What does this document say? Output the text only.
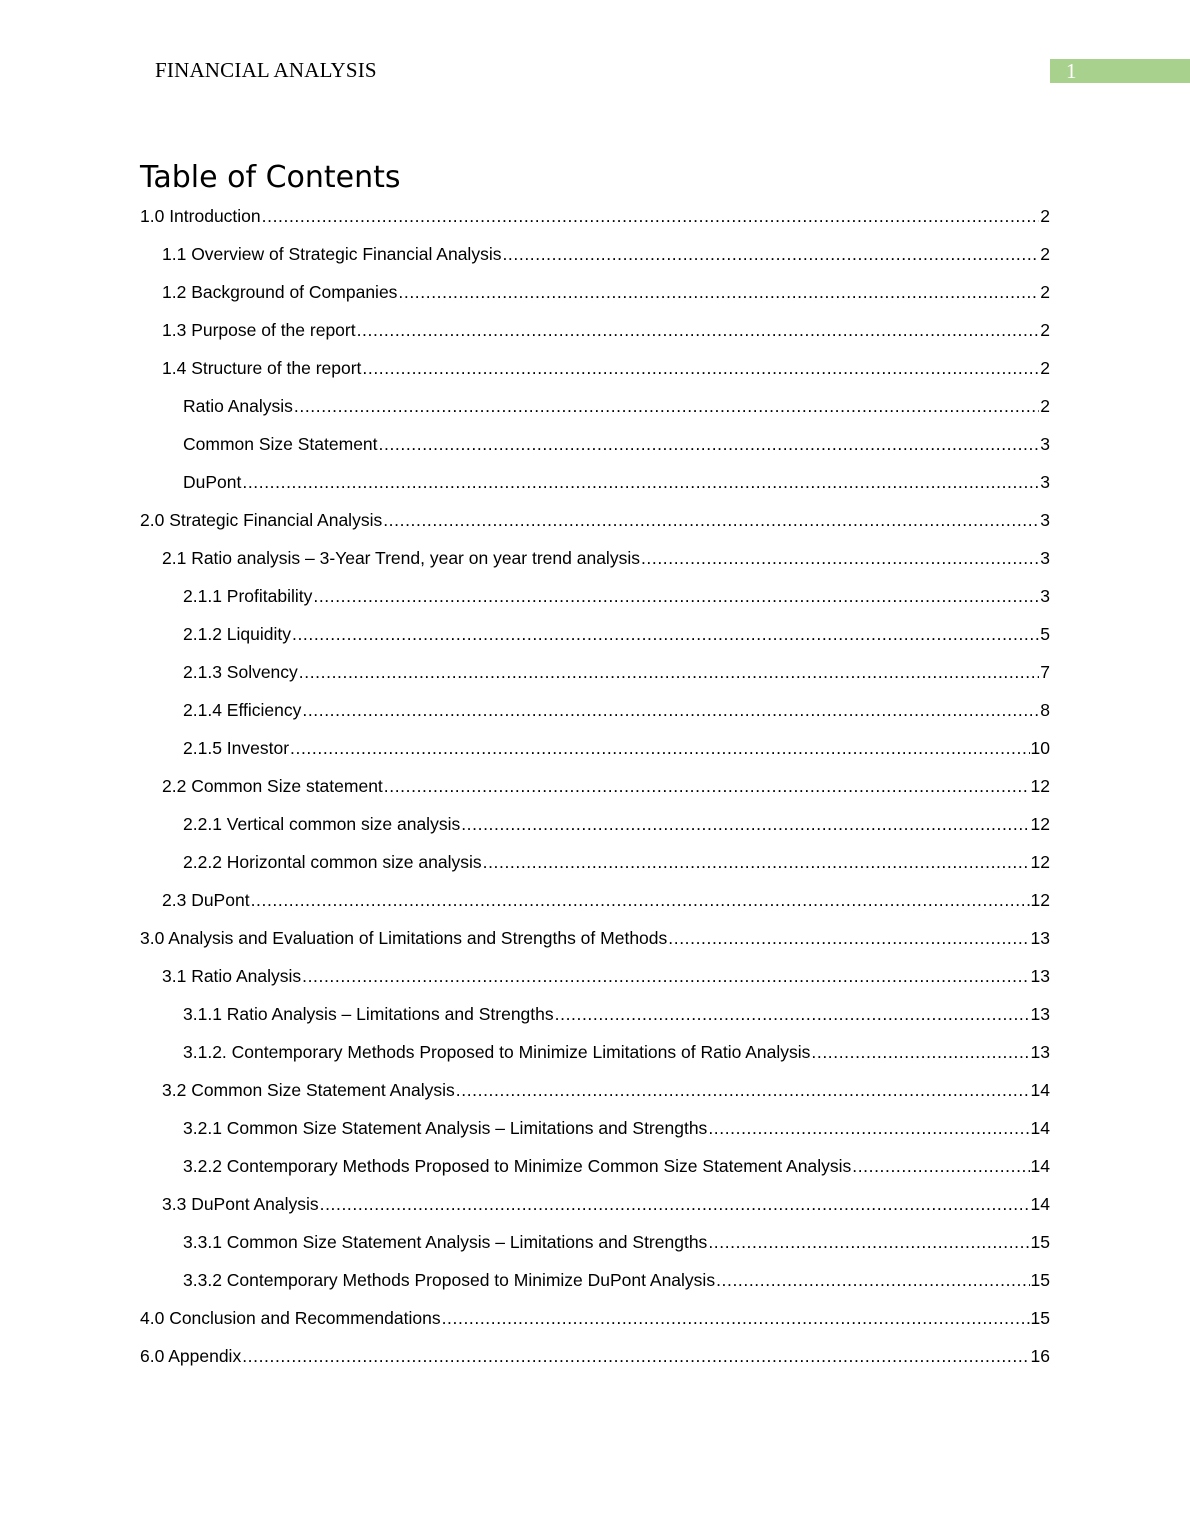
FINANCIAL ANALYSIS	1
Table of Contents
1.0 Introduction .....	2
1.1 Overview of Strategic Financial Analysis .....	2
1.2 Background of Companies .....	2
1.3 Purpose of the report .....	2
1.4 Structure of the report .....	2
Ratio Analysis .....	2
Common Size Statement .....	3
DuPont .....	3
2.0 Strategic Financial Analysis .....	3
2.1 Ratio analysis – 3-Year Trend, year on year trend analysis .....	3
2.1.1 Profitability .....	3
2.1.2 Liquidity .....	5
2.1.3 Solvency .....	7
2.1.4 Efficiency .....	8
2.1.5 Investor .....	10
2.2 Common Size statement .....	12
2.2.1 Vertical common size analysis .....	12
2.2.2 Horizontal common size analysis .....	12
2.3 DuPont .....	12
3.0 Analysis and Evaluation of Limitations and Strengths of Methods .....	13
3.1 Ratio Analysis .....	13
3.1.1 Ratio Analysis – Limitations and Strengths .....	13
3.1.2. Contemporary Methods Proposed to Minimize Limitations of Ratio Analysis .....	13
3.2 Common Size Statement Analysis .....	14
3.2.1 Common Size Statement Analysis – Limitations and Strengths .....	14
3.2.2 Contemporary Methods Proposed to Minimize Common Size Statement Analysis .....	14
3.3 DuPont Analysis .....	14
3.3.1 Common Size Statement Analysis – Limitations and Strengths .....	15
3.3.2 Contemporary Methods Proposed to Minimize DuPont Analysis .....	15
4.0 Conclusion and Recommendations .....	15
6.0 Appendix .....	16
